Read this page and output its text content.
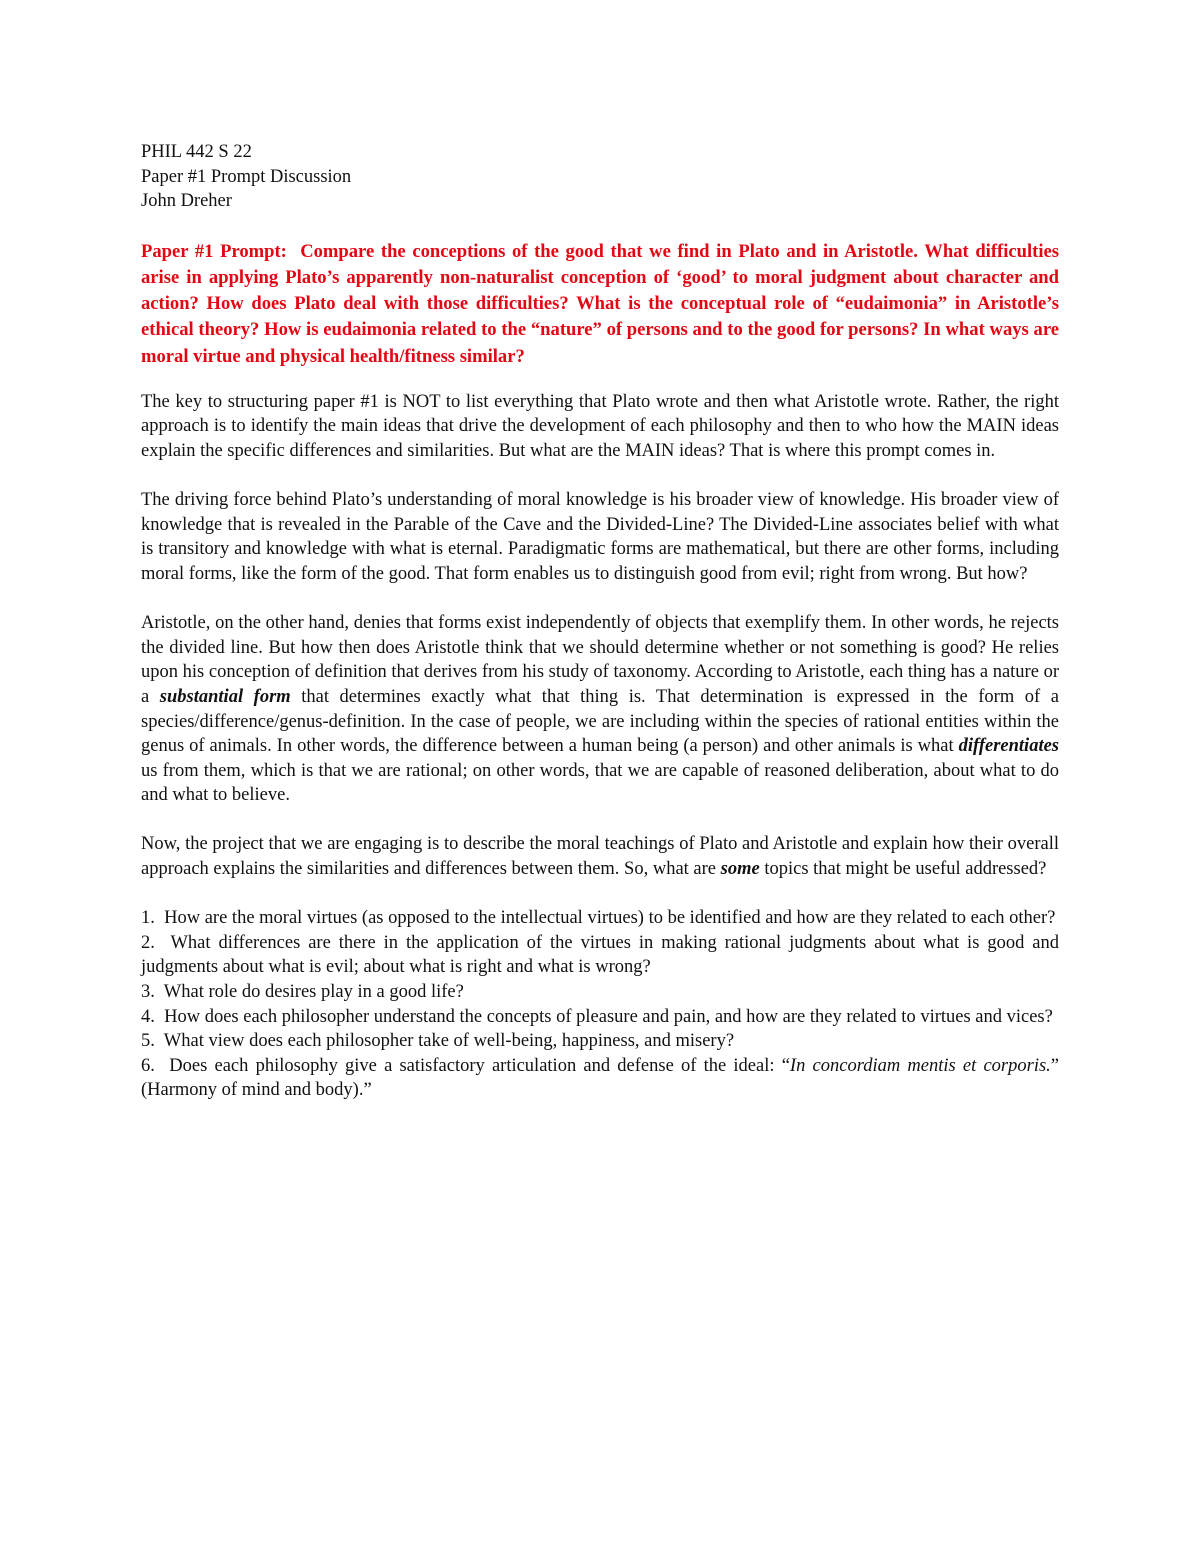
PHIL 442 S 22
Paper #1 Prompt Discussion
John Dreher
Paper #1 Prompt: Compare the conceptions of the good that we find in Plato and in Aristotle. What difficulties arise in applying Plato’s apparently non-naturalist conception of ‘good’ to moral judgment about character and action? How does Plato deal with those difficulties? What is the conceptual role of “eudaimonia” in Aristotle’s ethical theory? How is eudaimonia related to the “nature” of persons and to the good for persons? In what ways are moral virtue and physical health/fitness similar?

The key to structuring paper #1 is NOT to list everything that Plato wrote and then what Aristotle wrote. Rather, the right approach is to identify the main ideas that drive the development of each philosophy and then to who how the MAIN ideas explain the specific differences and similarities. But what are the MAIN ideas? That is where this prompt comes in.

The driving force behind Plato’s understanding of moral knowledge is his broader view of knowledge. His broader view of knowledge that is revealed in the Parable of the Cave and the Divided-Line? The Divided-Line associates belief with what is transitory and knowledge with what is eternal. Paradigmatic forms are mathematical, but there are other forms, including moral forms, like the form of the good. That form enables us to distinguish good from evil; right from wrong. But how?

Aristotle, on the other hand, denies that forms exist independently of objects that exemplify them. In other words, he rejects the divided line. But how then does Aristotle think that we should determine whether or not something is good? He relies upon his conception of definition that derives from his study of taxonomy. According to Aristotle, each thing has a nature or a substantial form that determines exactly what that thing is. That determination is expressed in the form of a species/difference/genus-definition. In the case of people, we are including within the species of rational entities within the genus of animals. In other words, the difference between a human being (a person) and other animals is what differentiates us from them, which is that we are rational; on other words, that we are capable of reasoned deliberation, about what to do and what to believe.

Now, the project that we are engaging is to describe the moral teachings of Plato and Aristotle and explain how their overall approach explains the similarities and differences between them. So, what are some topics that might be useful addressed?

1. How are the moral virtues (as opposed to the intellectual virtues) to be identified and how are they related to each other?

2. What differences are there in the application of the virtues in making rational judgments about what is good and judgments about what is evil; about what is right and what is wrong?

3. What role do desires play in a good life?

4. How does each philosopher understand the concepts of pleasure and pain, and how are they related to virtues and vices?

5. What view does each philosopher take of well-being, happiness, and misery?

6. Does each philosophy give a satisfactory articulation and defense of the ideal: “In concordiam mentis et corporis.” (Harmony of mind and body).”
